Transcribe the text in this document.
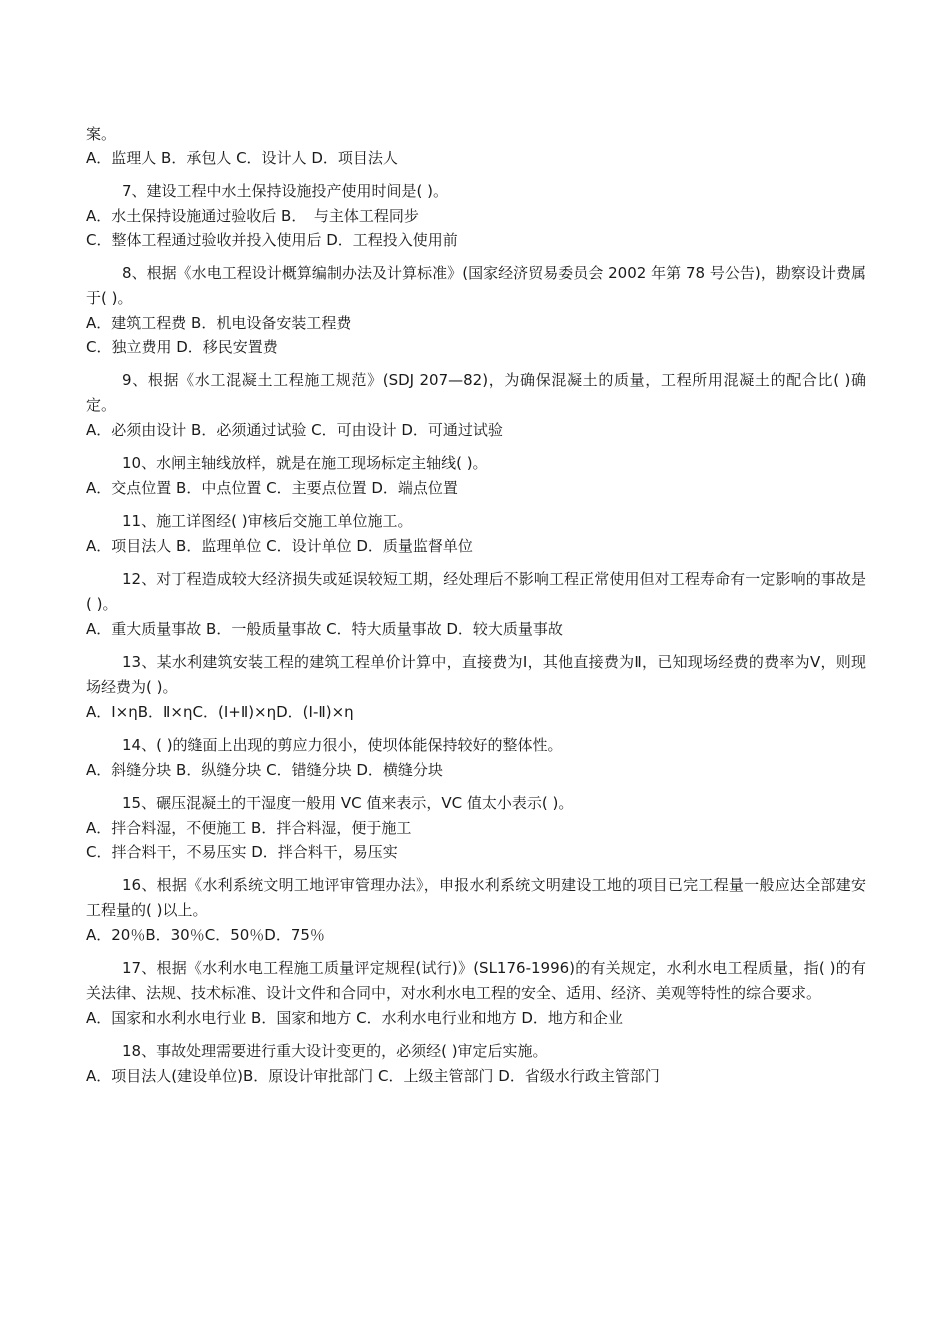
案。
A．监理人 B．承包人 C．设计人 D．项目法人
7、建设工程中水土保持设施投产使用时间是( )。
A．水土保持设施通过验收后 B．　与主体工程同步
C．整体工程通过验收并投入使用后 D．工程投入使用前
8、根据《水电工程设计概算编制办法及计算标准》(国家经济贸易委员会 2002 年第 78 号公告)，勘察设计费属于( )。
A．建筑工程费 B．机电设备安装工程费
C．独立费用 D．移民安置费
9、根据《水工混凝土工程施工规范》(SDJ 207—82)，为确保混凝土的质量，工程所用混凝土的配合比( )确定。
A．必须由设计 B．必须通过试验 C．可由设计 D．可通过试验
10、水闸主轴线放样，就是在施工现场标定主轴线( )。
A．交点位置 B．中点位置 C．主要点位置 D．端点位置
11、施工详图经( )审核后交施工单位施工。
A．项目法人 B．监理单位 C．设计单位 D．质量监督单位
12、对丁程造成较大经济损失或延误较短工期，经处理后不影响工程正常使用但对工程寿命有一定影响的事故是( )。
A．重大质量事故 B．一般质量事故 C．特大质量事故 D．较大质量事故
13、某水利建筑安装工程的建筑工程单价计算中，直接费为Ⅰ，其他直接费为Ⅱ，已知现场经费的费率为Ⅴ，则现场经费为( )。
A．Ⅰ×ηB．Ⅱ×ηC．(Ⅰ+Ⅱ)×ηD．(Ⅰ-Ⅱ)×η
14、( )的缝面上出现的剪应力很小，使坝体能保持较好的整体性。
A．斜缝分块 B．纵缝分块 C．错缝分块 D．横缝分块
15、碾压混凝土的干湿度一般用 VC 值来表示，VC 值太小表示( )。
A．拌合料湿，不便施工 B．拌合料湿，便于施工
C．拌合料干，不易压实 D．拌合料干，易压实
16、根据《水利系统文明工地评审管理办法》，申报水利系统文明建设工地的项目已完工程量一般应达全部建安工程量的( )以上。
A．20％B．30％C．50％D．75％
17、根据《水利水电工程施工质量评定规程(试行)》(SL176-1996)的有关规定，水利水电工程质量，指( )的有关法律、法规、技术标准、设计文件和合同中，对水利水电工程的安全、适用、经济、美观等特性的综合要求。
A．国家和水利水电行业 B．国家和地方 C．水利水电行业和地方 D．地方和企业
18、事故处理需要进行重大设计变更的，必须经( )审定后实施。
A．项目法人(建设单位)B．原设计审批部门 C．上级主管部门 D．省级水行政主管部门
